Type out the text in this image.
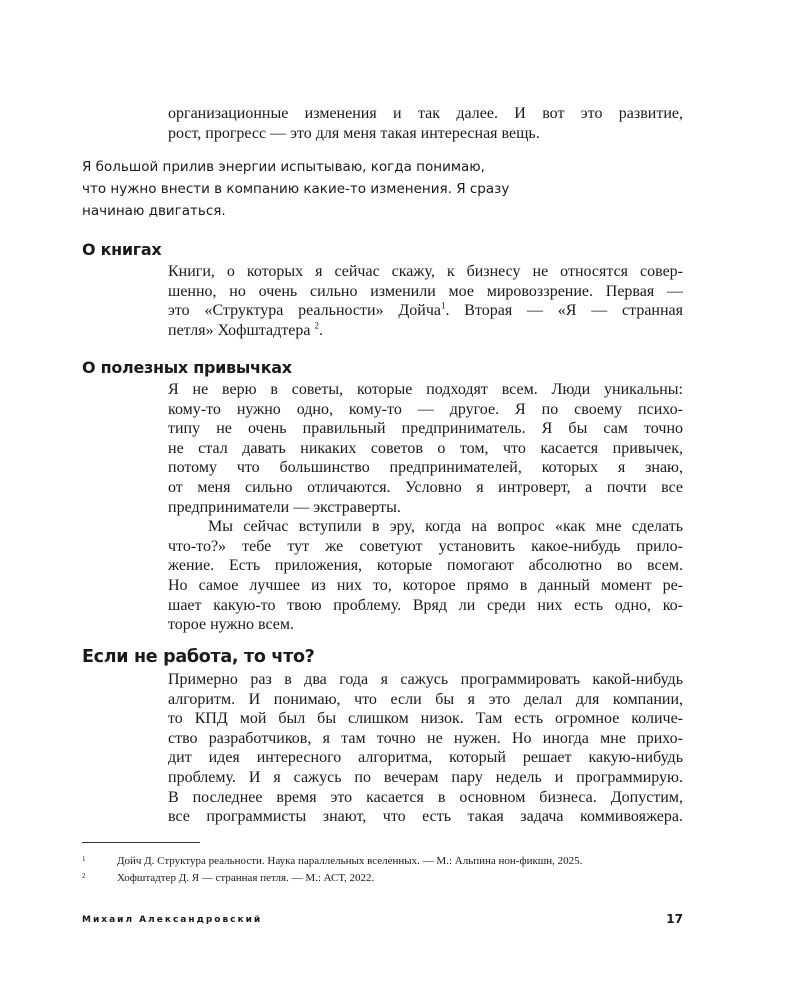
организационные изменения и так далее. И вот это развитие,
рост, прогресс — это для меня такая интересная вещь.
Я большой прилив энергии испытываю, когда понимаю,
что нужно внести в компанию какие-то изменения. Я сразу
начинаю двигаться.
О книгах
Книги, о которых я сейчас скажу, к бизнесу не относятся совер-
шенно, но очень сильно изменили мое мировоззрение. Первая —
это «Структура реальности» Дойча$^1$. Вторая — «Я — странная
петля» Хофштадтера $^2$.
О полезных привычках
Я не верю в советы, которые подходят всем. Люди уникальны:
кому-то нужно одно, кому-то — другое. Я по своему психо-
типу не очень правильный предприниматель. Я бы сам точно
не стал давать никаких советов о том, что касается привычек,
потому что большинство предпринимателей, которых я знаю,
от меня сильно отличаются. Условно я интроверт, а почти все
предприниматели — экстраверты.
Мы сейчас вступили в эру, когда на вопрос «как мне сделать
что-то?» тебе тут же советуют установить какое-нибудь прило-
жение. Есть приложения, которые помогают абсолютно во всем.
Но самое лучшее из них то, которое прямо в данный момент ре-
шает какую-то твою проблему. Вряд ли среди них есть одно, ко-
торое нужно всем.
Если не работа, то что?
Примерно раз в два года я сажусь программировать какой-нибудь
алгоритм. И понимаю, что если бы я это делал для компании,
то КПД мой был бы слишком низок. Там есть огромное количе-
ство разработчиков, я там точно не нужен. Но иногда мне прихо-
дит идея интересного алгоритма, который решает какую-нибудь
проблему. И я сажусь по вечерам пару недель и программирую.
В последнее время это касается в основном бизнеса. Допустим,
все программисты знают, что есть такая задача коммивояжера.
1	Дойч Д. Структура реальности. Наука параллельных вселенных. — М.: Альпина нон-фикшн, 2025.
2	Хофштадтер Д. Я — странная петля. — М.: АСТ, 2022.
Михаил Александровский	17
